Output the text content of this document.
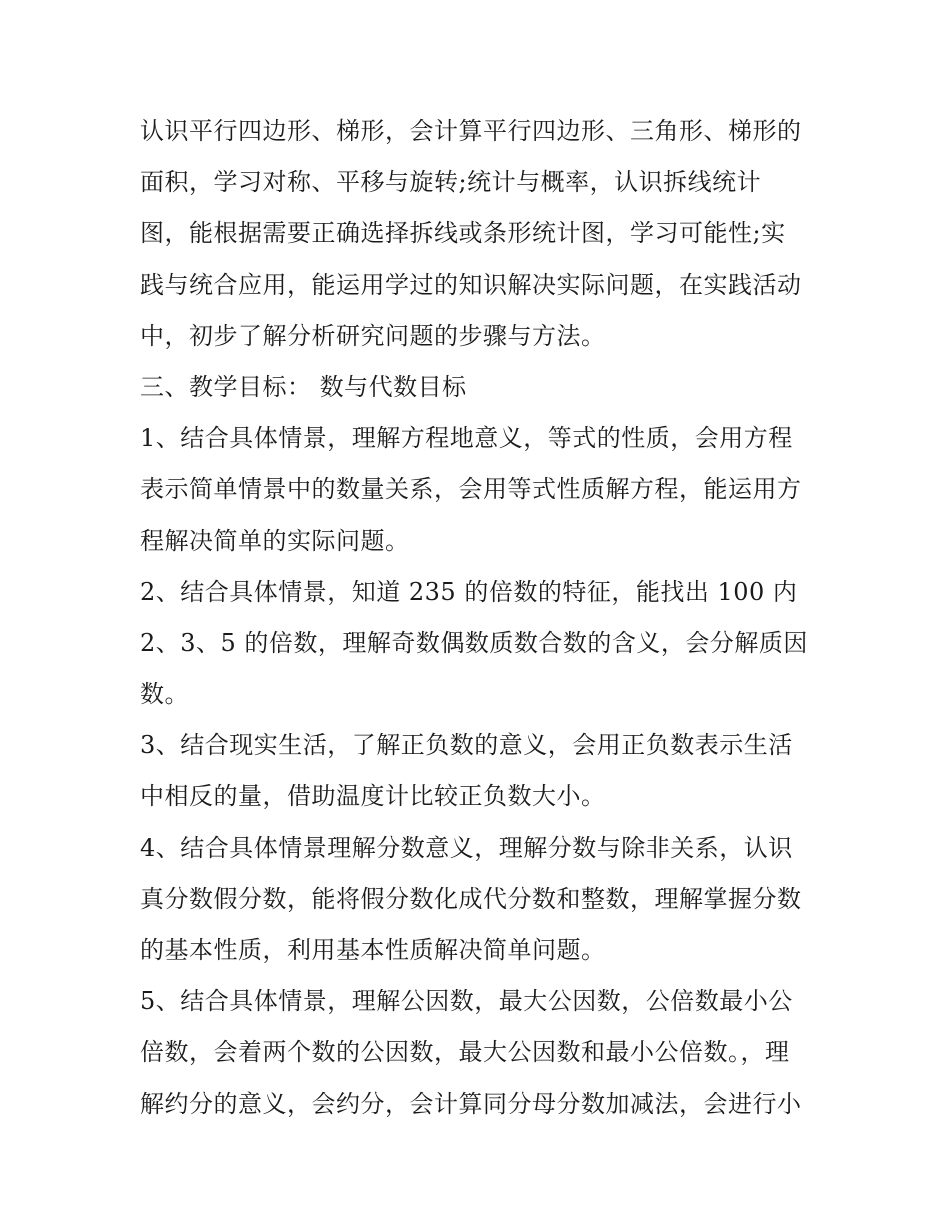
认识平行四边形、梯形，会计算平行四边形、三角形、梯形的
面积，学习对称、平移与旋转;统计与概率，认识拆线统计
图，能根据需要正确选择拆线或条形统计图，学习可能性;实
践与统合应用，能运用学过的知识解决实际问题，在实践活动
中，初步了解分析研究问题的步骤与方法。
三、教学目标： 数与代数目标
1、结合具体情景，理解方程地意义，等式的性质，会用方程
表示简单情景中的数量关系，会用等式性质解方程，能运用方
程解决简单的实际问题。
2、结合具体情景，知道 235 的倍数的特征，能找出 100 内
2、3、5 的倍数，理解奇数偶数质数合数的含义，会分解质因
数。
3、结合现实生活，了解正负数的意义，会用正负数表示生活
中相反的量，借助温度计比较正负数大小。
4、结合具体情景理解分数意义，理解分数与除非关系，认识
真分数假分数，能将假分数化成代分数和整数，理解掌握分数
的基本性质，利用基本性质解决简单问题。
5、结合具体情景，理解公因数，最大公因数，公倍数最小公
倍数，会着两个数的公因数，最大公因数和最小公倍数。，理
解约分的意义，会约分，会计算同分母分数加减法，会进行小
